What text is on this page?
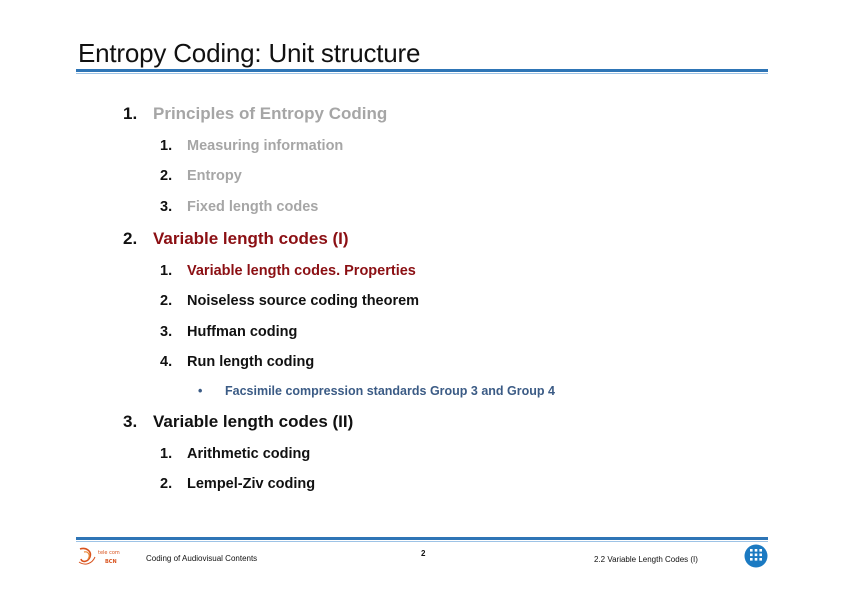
Entropy Coding: Unit structure
1. Principles of Entropy Coding
1. Measuring information
2. Entropy
3. Fixed length codes
2. Variable length codes (I)
1. Variable length codes. Properties
2. Noiseless source coding theorem
3. Huffman coding
4. Run length coding
• Facsimile compression standards Group 3 and Group 4
3. Variable length codes (II)
1. Arithmetic coding
2. Lempel-Ziv coding
tele com
BCN	Coding of Audiovisual Contents
2
2.2 Variable Length Codes (I)
